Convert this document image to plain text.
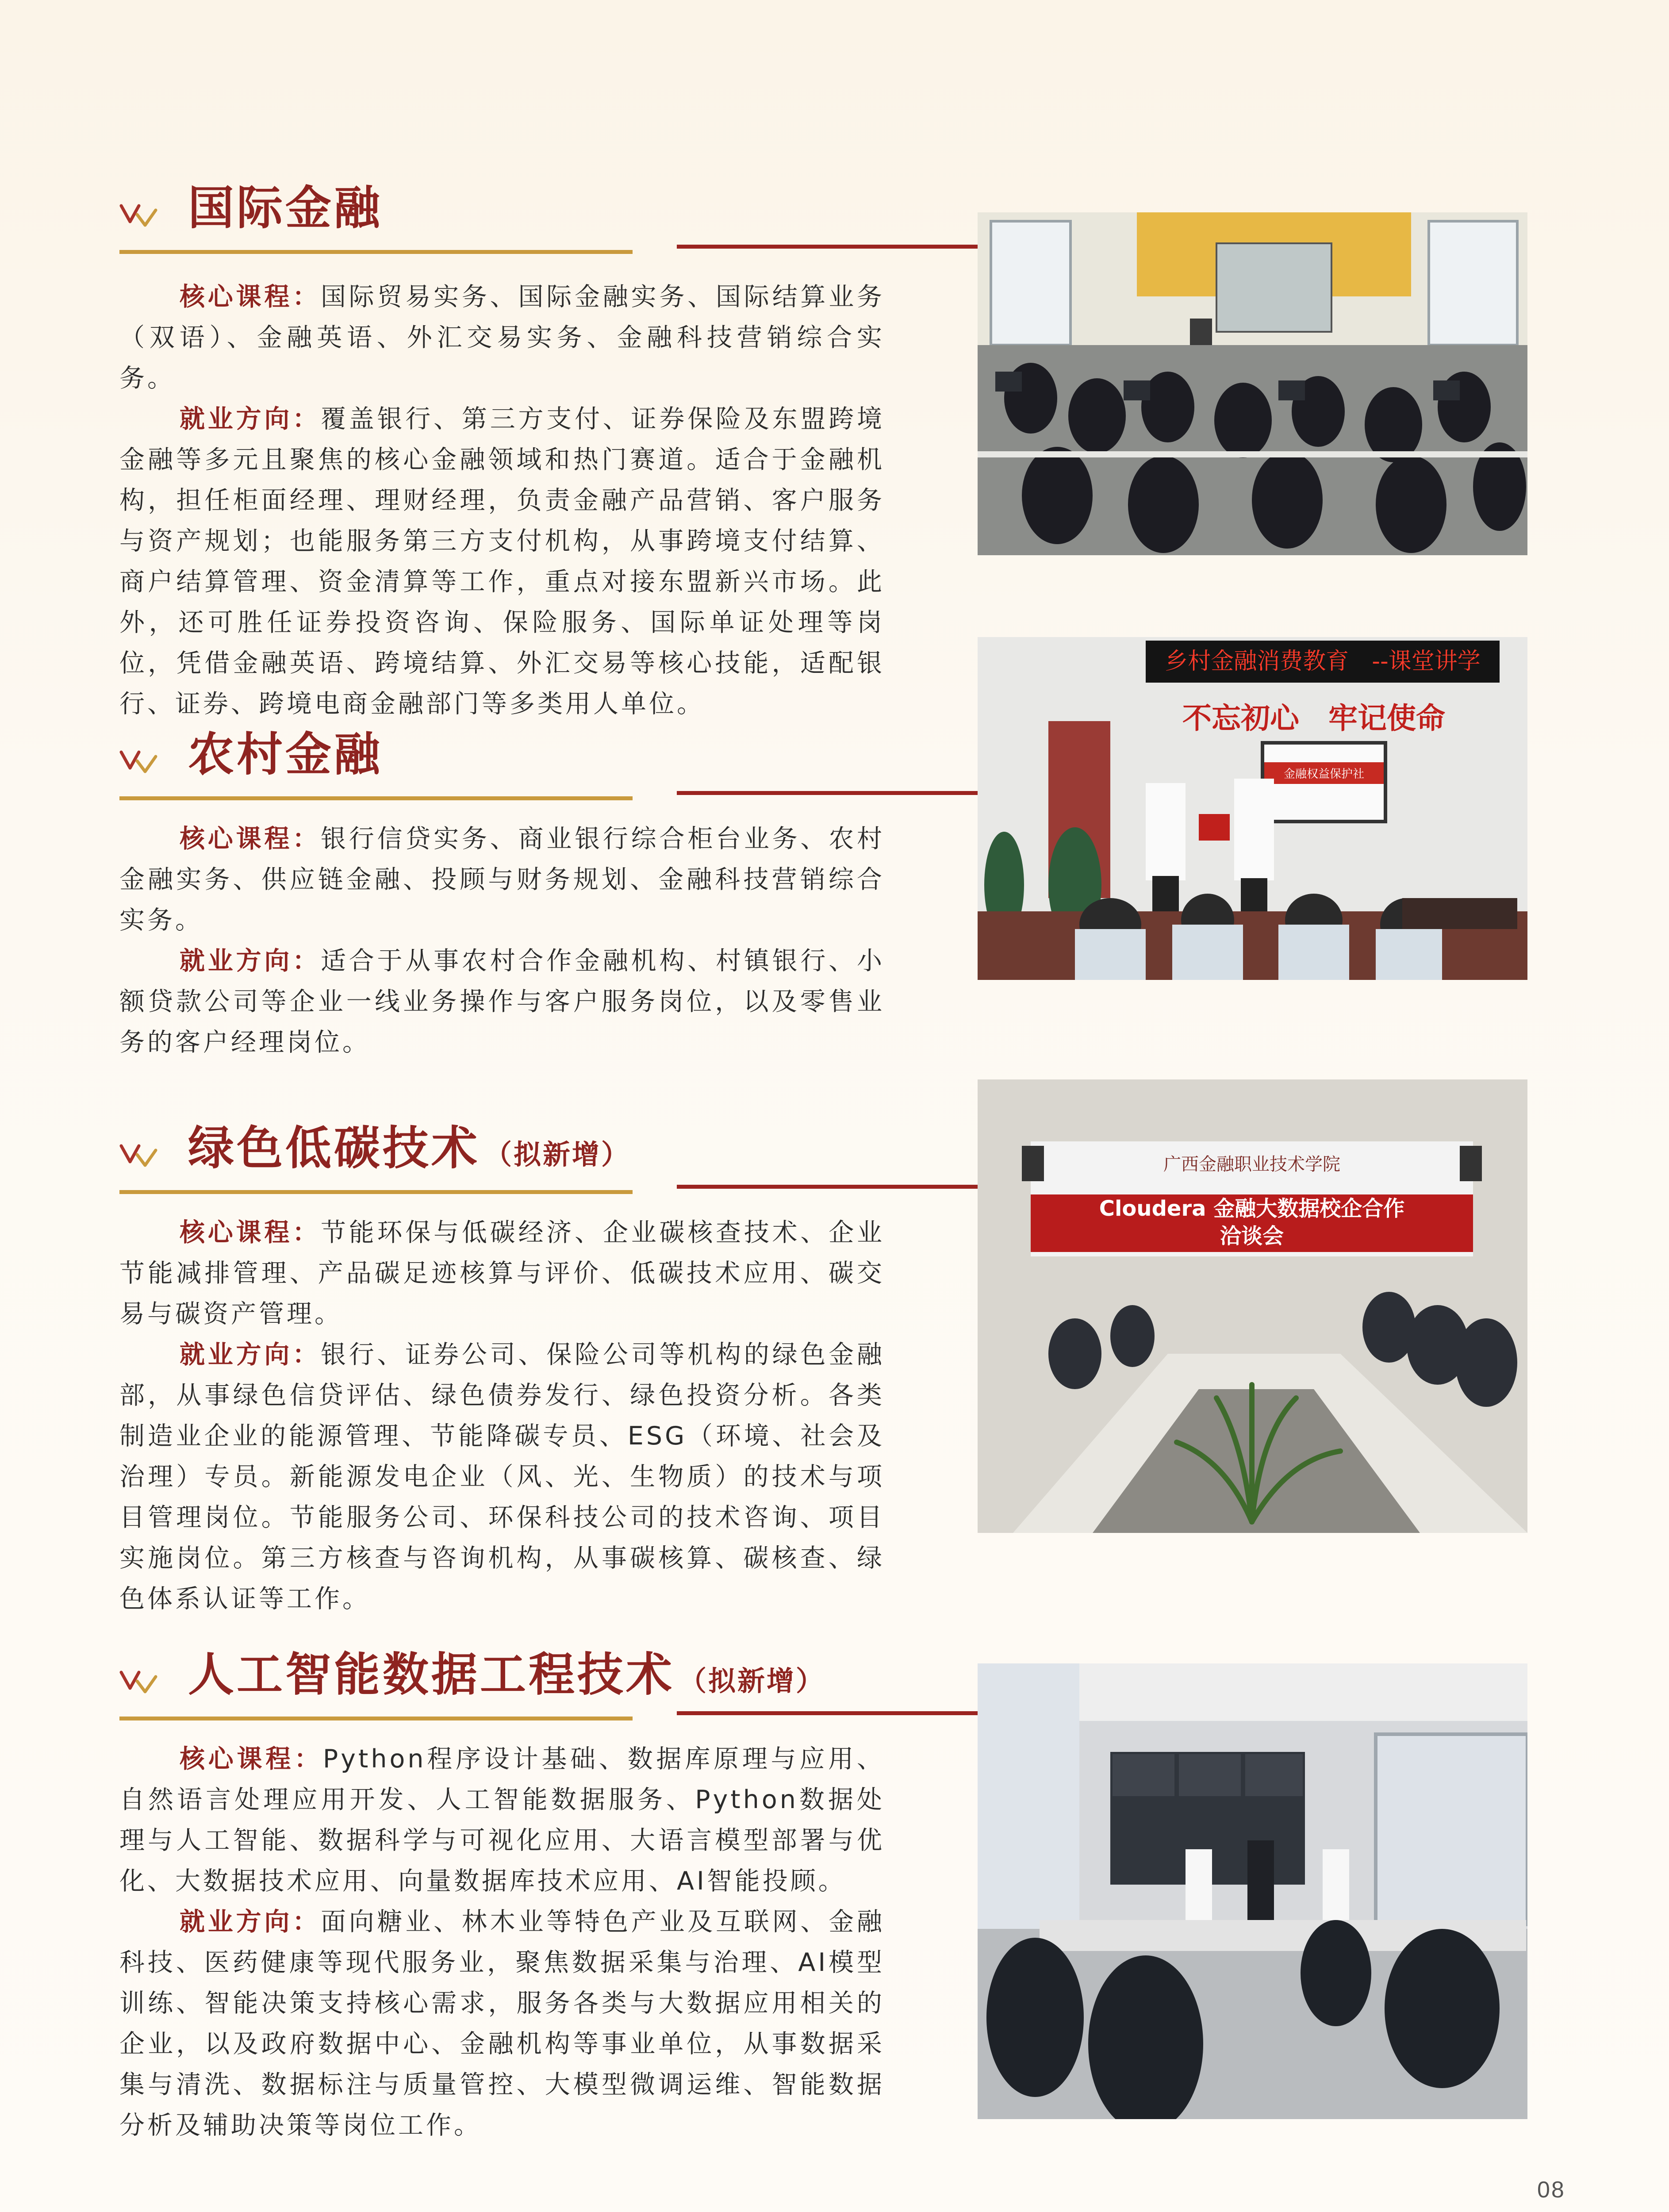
国际金融

核心课程：国际贸易实务、国际金融实务、国际结算业务（双语）、金融英语、外汇交易实务、金融科技营销综合实务。

就业方向：覆盖银行、第三方支付、证券保险及东盟跨境金融等多元且聚焦的核心金融领域和热门赛道。适合于金融机构，担任柜面经理、理财经理，负责金融产品营销、客户服务与资产规划；也能服务第三方支付机构，从事跨境支付结算、商户结算管理、资金清算等工作，重点对接东盟新兴市场。此外，还可胜任证券投资咨询、保险服务、国际单证处理等岗位，凭借金融英语、跨境结算、外汇交易等核心技能，适配银行、证券、跨境电商金融部门等多类用人单位。

农村金融

核心课程：银行信贷实务、商业银行综合柜台业务、农村金融实务、供应链金融、投顾与财务规划、金融科技营销综合实务。

就业方向：适合于从事农村合作金融机构、村镇银行、小额贷款公司等企业一线业务操作与客户服务岗位，以及零售业务的客户经理岗位。

绿色低碳技术 （拟新增）

核心课程：节能环保与低碳经济、企业碳核查技术、企业节能减排管理、产品碳足迹核算与评价、低碳技术应用、碳交易与碳资产管理。

就业方向：银行、证券公司、保险公司等机构的绿色金融部，从事绿色信贷评估、绿色债券发行、绿色投资分析。各类制造业企业的能源管理、节能降碳专员、ESG（环境、社会及治理）专员。新能源发电企业（风、光、生物质）的技术与项目管理岗位。节能服务公司、环保科技公司的技术咨询、项目实施岗位。第三方核查与咨询机构，从事碳核算、碳核查、绿色体系认证等工作。

人工智能数据工程技术 （拟新增）

核心课程：Python程序设计基础、数据库原理与应用、自然语言处理应用开发、人工智能数据服务、Python数据处理与人工智能、数据科学与可视化应用、大语言模型部署与优化、大数据技术应用、向量数据库技术应用、AI智能投顾。

就业方向：面向糖业、林木业等特色产业及互联网、金融科技、医药健康等现代服务业，聚焦数据采集与治理、AI模型训练、智能决策支持核心需求，服务各类与大数据应用相关的企业，以及政府数据中心、金融机构等事业单位，从事数据采集与清洗、数据标注与质量管控、大模型微调运维、智能数据分析及辅助决策等岗位工作。

乡村金融消费教育　--课堂讲学
不忘初心　牢记使命
金融权益保护社
广西金融职业技术学院
Cloudera 金融大数据校企合作
洽谈会
08
